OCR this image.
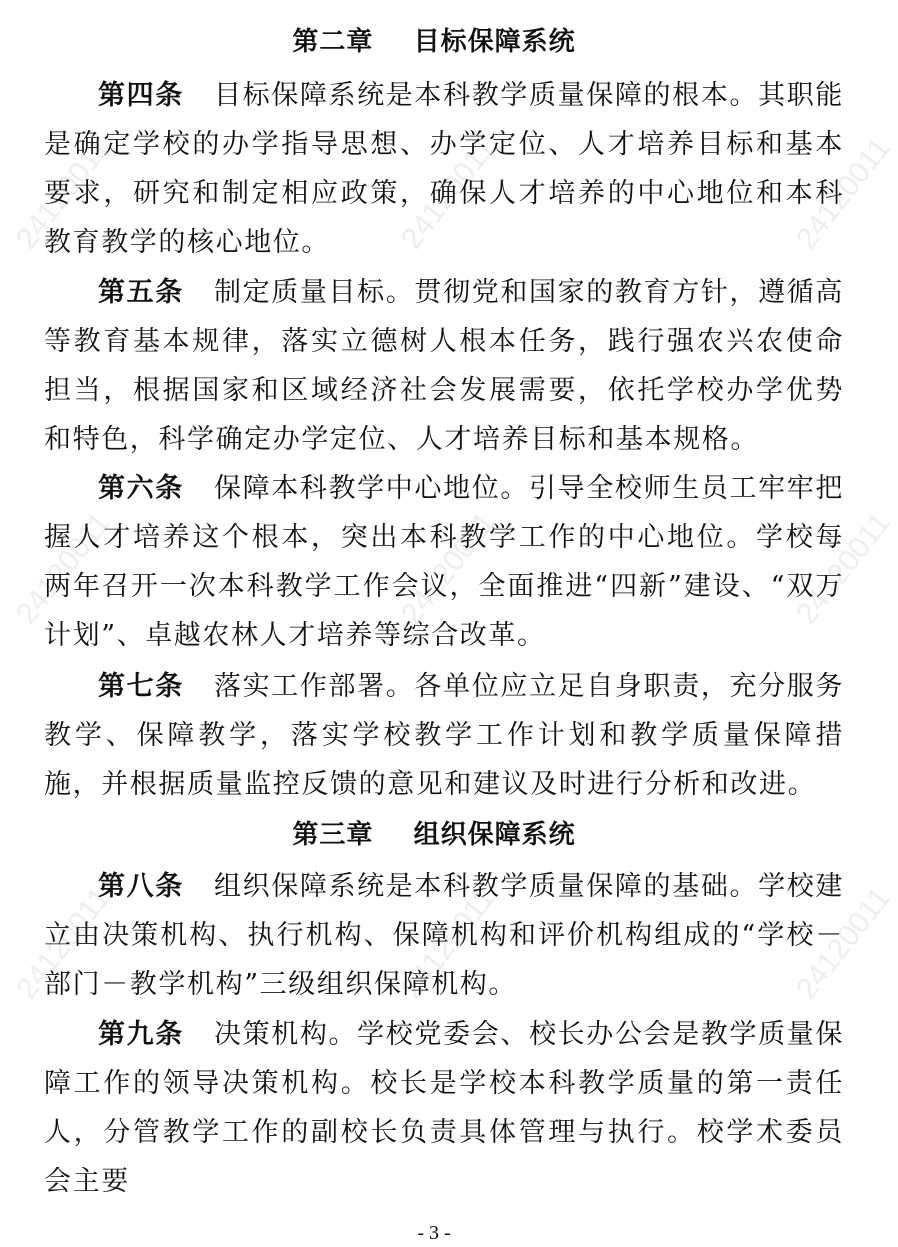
24120011	24120011	24120011
24120011	24120011	24120011
24120011	24120011	24120011
第二章    目标保障系统

第四条 目标保障系统是本科教学质量保障的根本。其职能是确定学校的办学指导思想、办学定位、人才培养目标和基本要求，研究和制定相应政策，确保人才培养的中心地位和本科教育教学的核心地位。

第五条 制定质量目标。贯彻党和国家的教育方针，遵循高等教育基本规律，落实立德树人根本任务，践行强农兴农使命担当，根据国家和区域经济社会发展需要，依托学校办学优势和特色，科学确定办学定位、人才培养目标和基本规格。

第六条 保障本科教学中心地位。引导全校师生员工牢牢把握人才培养这个根本，突出本科教学工作的中心地位。学校每两年召开一次本科教学工作会议，全面推进“四新”建设、“双万计划”、卓越农林人才培养等综合改革。

第七条 落实工作部署。各单位应立足自身职责，充分服务教学、保障教学，落实学校教学工作计划和教学质量保障措施，并根据质量监控反馈的意见和建议及时进行分析和改进。

第三章    组织保障系统

第八条 组织保障系统是本科教学质量保障的基础。学校建立由决策机构、执行机构、保障机构和评价机构组成的“学校－部门－教学机构”三级组织保障机构。

第九条 决策机构。学校党委会、校长办公会是教学质量保障工作的领导决策机构。校长是学校本科教学质量的第一责任人，分管教学工作的副校长负责具体管理与执行。校学术委员会主要

- 3 -
